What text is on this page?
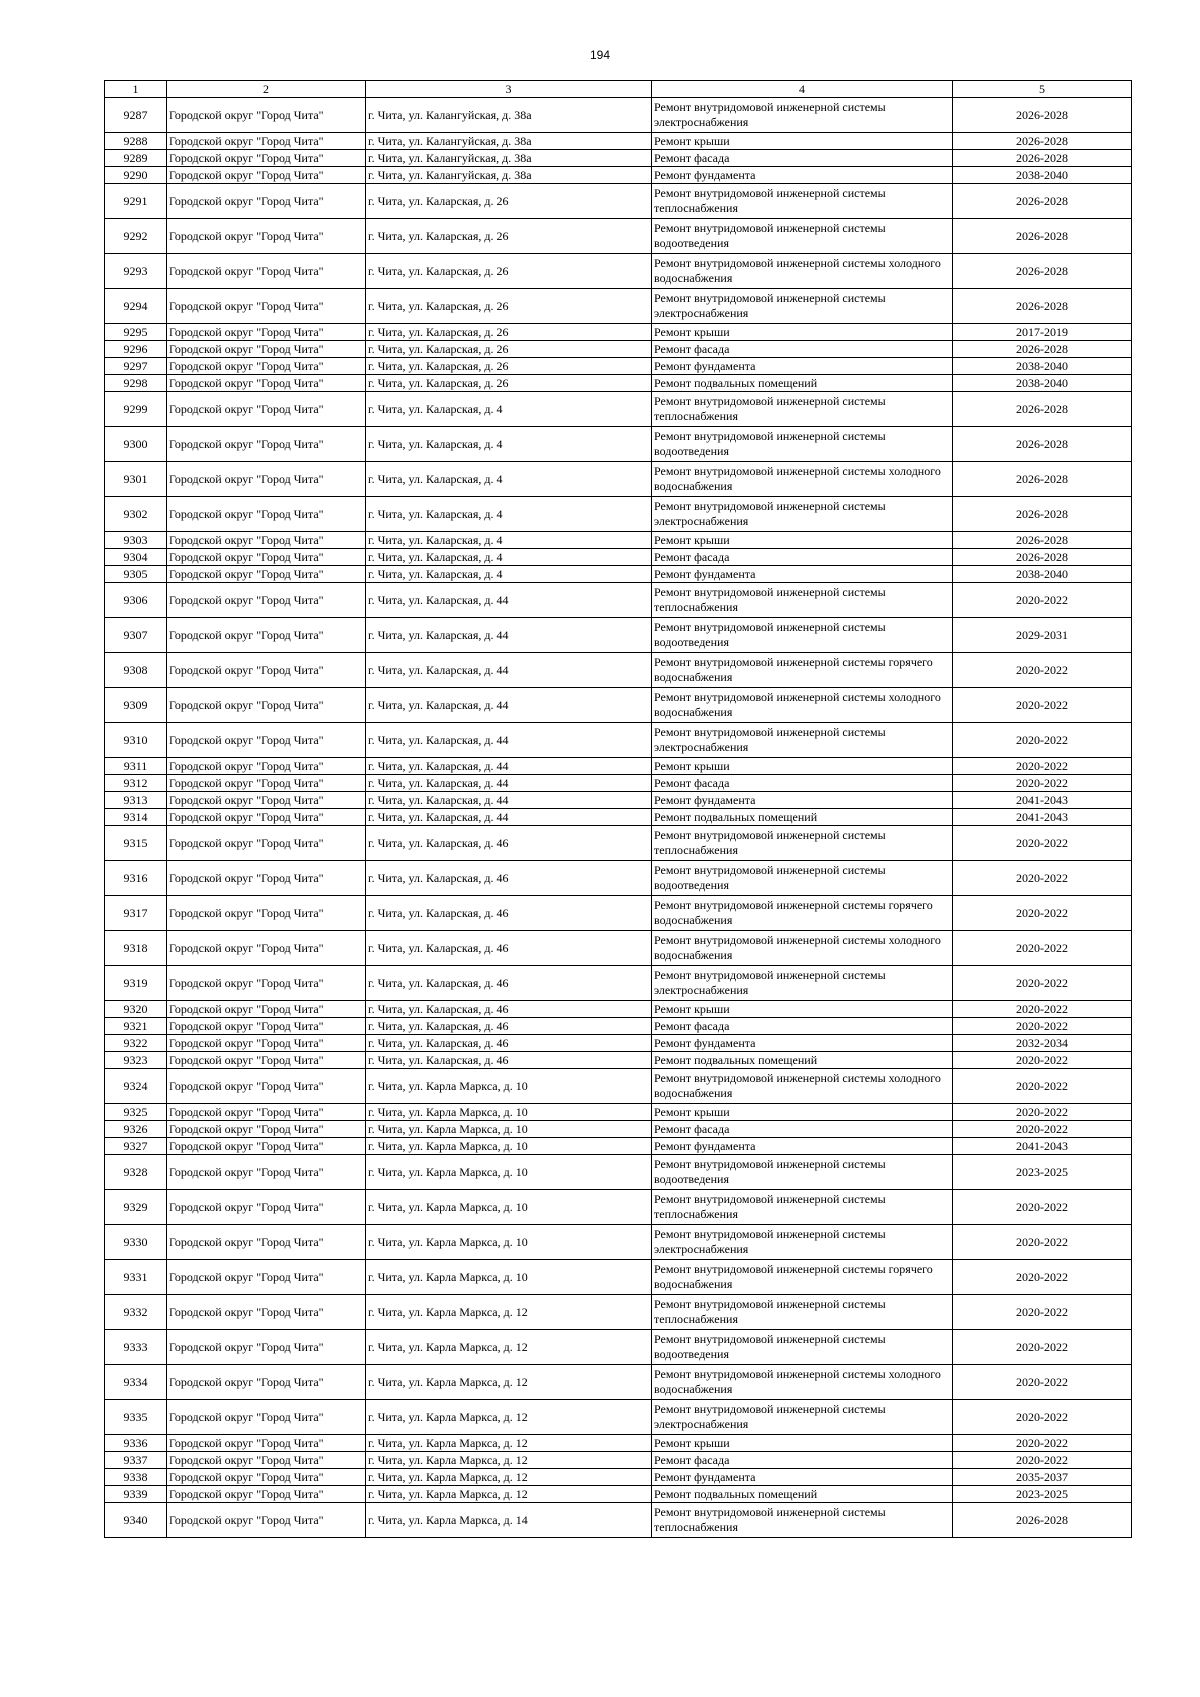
194
1	2	3	4	5
9287	Городской округ "Город Чита"	г. Чита, ул. Калангуйская, д. 38а	Ремонт внутридомовой инженерной системы электроснабжения	2026-2028
9288	Городской округ "Город Чита"	г. Чита, ул. Калангуйская, д. 38а	Ремонт крыши	2026-2028
9289	Городской округ "Город Чита"	г. Чита, ул. Калангуйская, д. 38а	Ремонт фасада	2026-2028
9290	Городской округ "Город Чита"	г. Чита, ул. Калангуйская, д. 38а	Ремонт фундамента	2038-2040
9291	Городской округ "Город Чита"	г. Чита, ул. Каларская, д. 26	Ремонт внутридомовой инженерной системы теплоснабжения	2026-2028
9292	Городской округ "Город Чита"	г. Чита, ул. Каларская, д. 26	Ремонт внутридомовой инженерной системы водоотведения	2026-2028
9293	Городской округ "Город Чита"	г. Чита, ул. Каларская, д. 26	Ремонт внутридомовой инженерной системы холодного водоснабжения	2026-2028
9294	Городской округ "Город Чита"	г. Чита, ул. Каларская, д. 26	Ремонт внутридомовой инженерной системы электроснабжения	2026-2028
9295	Городской округ "Город Чита"	г. Чита, ул. Каларская, д. 26	Ремонт крыши	2017-2019
9296	Городской округ "Город Чита"	г. Чита, ул. Каларская, д. 26	Ремонт фасада	2026-2028
9297	Городской округ "Город Чита"	г. Чита, ул. Каларская, д. 26	Ремонт фундамента	2038-2040
9298	Городской округ "Город Чита"	г. Чита, ул. Каларская, д. 26	Ремонт подвальных помещений	2038-2040
9299	Городской округ "Город Чита"	г. Чита, ул. Каларская, д. 4	Ремонт внутридомовой инженерной системы теплоснабжения	2026-2028
9300	Городской округ "Город Чита"	г. Чита, ул. Каларская, д. 4	Ремонт внутридомовой инженерной системы водоотведения	2026-2028
9301	Городской округ "Город Чита"	г. Чита, ул. Каларская, д. 4	Ремонт внутридомовой инженерной системы холодного водоснабжения	2026-2028
9302	Городской округ "Город Чита"	г. Чита, ул. Каларская, д. 4	Ремонт внутридомовой инженерной системы электроснабжения	2026-2028
9303	Городской округ "Город Чита"	г. Чита, ул. Каларская, д. 4	Ремонт крыши	2026-2028
9304	Городской округ "Город Чита"	г. Чита, ул. Каларская, д. 4	Ремонт фасада	2026-2028
9305	Городской округ "Город Чита"	г. Чита, ул. Каларская, д. 4	Ремонт фундамента	2038-2040
9306	Городской округ "Город Чита"	г. Чита, ул. Каларская, д. 44	Ремонт внутридомовой инженерной системы теплоснабжения	2020-2022
9307	Городской округ "Город Чита"	г. Чита, ул. Каларская, д. 44	Ремонт внутридомовой инженерной системы водоотведения	2029-2031
9308	Городской округ "Город Чита"	г. Чита, ул. Каларская, д. 44	Ремонт внутридомовой инженерной системы горячего водоснабжения	2020-2022
9309	Городской округ "Город Чита"	г. Чита, ул. Каларская, д. 44	Ремонт внутридомовой инженерной системы холодного водоснабжения	2020-2022
9310	Городской округ "Город Чита"	г. Чита, ул. Каларская, д. 44	Ремонт внутридомовой инженерной системы электроснабжения	2020-2022
9311	Городской округ "Город Чита"	г. Чита, ул. Каларская, д. 44	Ремонт крыши	2020-2022
9312	Городской округ "Город Чита"	г. Чита, ул. Каларская, д. 44	Ремонт фасада	2020-2022
9313	Городской округ "Город Чита"	г. Чита, ул. Каларская, д. 44	Ремонт фундамента	2041-2043
9314	Городской округ "Город Чита"	г. Чита, ул. Каларская, д. 44	Ремонт подвальных помещений	2041-2043
9315	Городской округ "Город Чита"	г. Чита, ул. Каларская, д. 46	Ремонт внутридомовой инженерной системы теплоснабжения	2020-2022
9316	Городской округ "Город Чита"	г. Чита, ул. Каларская, д. 46	Ремонт внутридомовой инженерной системы водоотведения	2020-2022
9317	Городской округ "Город Чита"	г. Чита, ул. Каларская, д. 46	Ремонт внутридомовой инженерной системы горячего водоснабжения	2020-2022
9318	Городской округ "Город Чита"	г. Чита, ул. Каларская, д. 46	Ремонт внутридомовой инженерной системы холодного водоснабжения	2020-2022
9319	Городской округ "Город Чита"	г. Чита, ул. Каларская, д. 46	Ремонт внутридомовой инженерной системы электроснабжения	2020-2022
9320	Городской округ "Город Чита"	г. Чита, ул. Каларская, д. 46	Ремонт крыши	2020-2022
9321	Городской округ "Город Чита"	г. Чита, ул. Каларская, д. 46	Ремонт фасада	2020-2022
9322	Городской округ "Город Чита"	г. Чита, ул. Каларская, д. 46	Ремонт фундамента	2032-2034
9323	Городской округ "Город Чита"	г. Чита, ул. Каларская, д. 46	Ремонт подвальных помещений	2020-2022
9324	Городской округ "Город Чита"	г. Чита, ул. Карла Маркса, д. 10	Ремонт внутридомовой инженерной системы холодного водоснабжения	2020-2022
9325	Городской округ "Город Чита"	г. Чита, ул. Карла Маркса, д. 10	Ремонт крыши	2020-2022
9326	Городской округ "Город Чита"	г. Чита, ул. Карла Маркса, д. 10	Ремонт фасада	2020-2022
9327	Городской округ "Город Чита"	г. Чита, ул. Карла Маркса, д. 10	Ремонт фундамента	2041-2043
9328	Городской округ "Город Чита"	г. Чита, ул. Карла Маркса, д. 10	Ремонт внутридомовой инженерной системы водоотведения	2023-2025
9329	Городской округ "Город Чита"	г. Чита, ул. Карла Маркса, д. 10	Ремонт внутридомовой инженерной системы теплоснабжения	2020-2022
9330	Городской округ "Город Чита"	г. Чита, ул. Карла Маркса, д. 10	Ремонт внутридомовой инженерной системы электроснабжения	2020-2022
9331	Городской округ "Город Чита"	г. Чита, ул. Карла Маркса, д. 10	Ремонт внутридомовой инженерной системы горячего водоснабжения	2020-2022
9332	Городской округ "Город Чита"	г. Чита, ул. Карла Маркса, д. 12	Ремонт внутридомовой инженерной системы теплоснабжения	2020-2022
9333	Городской округ "Город Чита"	г. Чита, ул. Карла Маркса, д. 12	Ремонт внутридомовой инженерной системы водоотведения	2020-2022
9334	Городской округ "Город Чита"	г. Чита, ул. Карла Маркса, д. 12	Ремонт внутридомовой инженерной системы холодного водоснабжения	2020-2022
9335	Городской округ "Город Чита"	г. Чита, ул. Карла Маркса, д. 12	Ремонт внутридомовой инженерной системы электроснабжения	2020-2022
9336	Городской округ "Город Чита"	г. Чита, ул. Карла Маркса, д. 12	Ремонт крыши	2020-2022
9337	Городской округ "Город Чита"	г. Чита, ул. Карла Маркса, д. 12	Ремонт фасада	2020-2022
9338	Городской округ "Город Чита"	г. Чита, ул. Карла Маркса, д. 12	Ремонт фундамента	2035-2037
9339	Городской округ "Город Чита"	г. Чита, ул. Карла Маркса, д. 12	Ремонт подвальных помещений	2023-2025
9340	Городской округ "Город Чита"	г. Чита, ул. Карла Маркса, д. 14	Ремонт внутридомовой инженерной системы теплоснабжения	2026-2028
